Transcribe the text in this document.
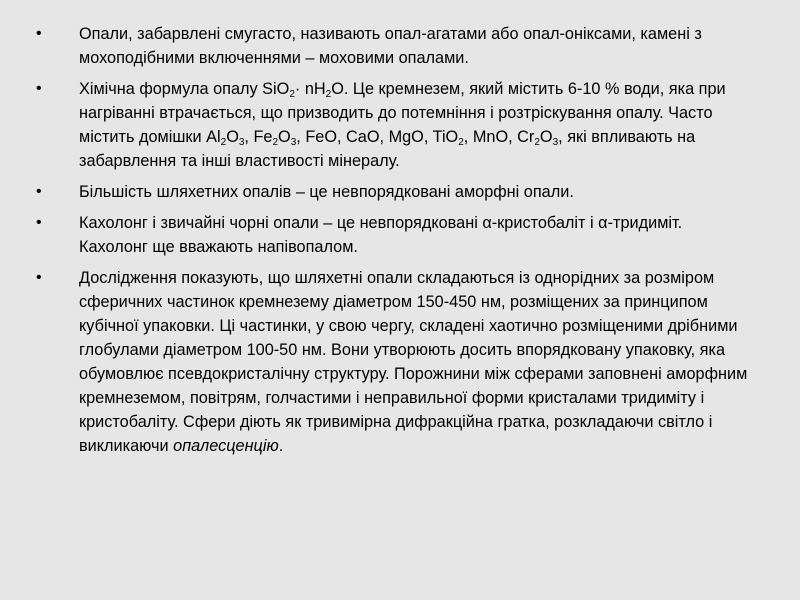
•
Опали, забарвлені смугасто, називають опал-агатами або опал-оніксами, камені з мохоподібними включеннями – моховими опалами.
•
Хімічна формула опалу $SiO_2\cdot nH_2O$. Це кремнезем, який містить 6-10 % води, яка при нагріванні втрачається, що призводить до потемніння і розтріскування опалу. Часто містить домішки $Al_2O_3$, $Fe_2O_3$, FeO, CaO, MgO, TiO$_2$, MnO, $Cr_2O_3$, які впливають на забарвлення та інші властивості мінералу.
•
Більшість шляхетних опалів – це невпорядковані аморфні опали.
•
Кахолонг і звичайні чорні опали – це невпорядковані α-кристобаліт і α-тридиміт. Кахолонг ще вважають напівопалом.
•
Дослідження показують, що шляхетні опали складаються із однорідних за розміром сферичних частинок кремнезему діаметром 150-450 нм, розміщених за принципом кубічної упаковки. Ці частинки, у свою чергу, складені хаотично розміщеними дрібними глобулами діаметром 100-50 нм. Вони утворюють досить впорядковану упаковку, яка обумовлює псевдокристалічну структуру. Порожнини між сферами заповнені аморфним кремнеземом, повітрям, голчастими і неправильної форми кристалами тридиміту і кристобаліту. Сфери діють як тривимірна дифракційна гратка, розкладаючи світло і викликаючи опалесценцію.
